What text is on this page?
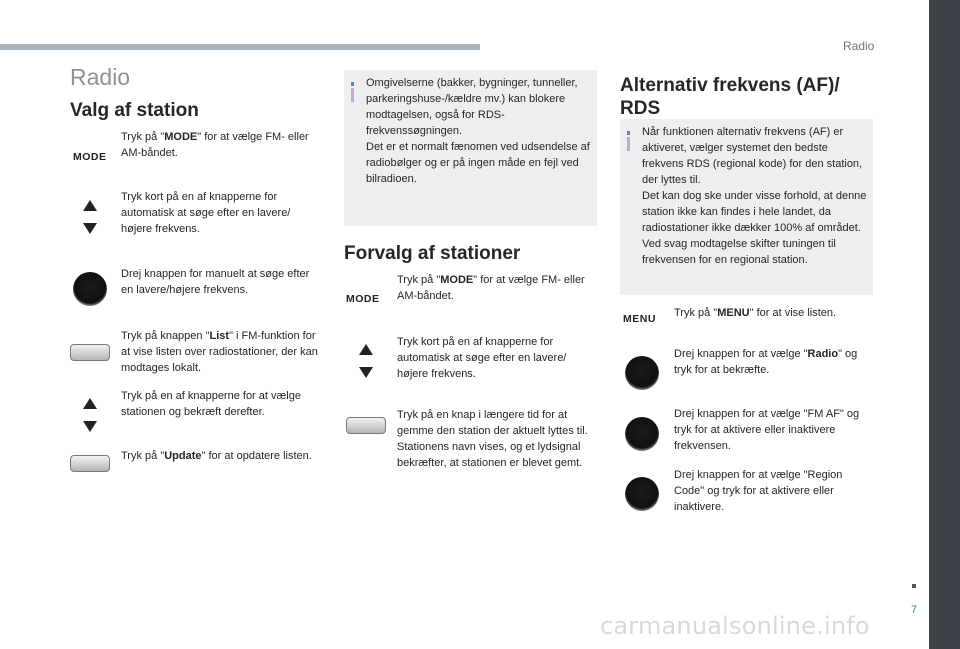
Radio
7
Radio
Valg af station
MODE
Tryk på "MODE" for at vælge FM- eller AM-båndet.
Tryk kort på en af knapperne for automatisk at søge efter en lavere/ højere frekvens.
Drej knappen for manuelt at søge efter en lavere/højere frekvens.
Tryk på knappen "List" i FM-funktion for at vise listen over radiostationer, der kan modtages lokalt.
Tryk på en af knapperne for at vælge stationen og bekræft derefter.
Tryk på "Update" for at opdatere listen.
Omgivelserne (bakker, bygninger, tunneller, parkeringshuse-/kældre mv.) kan blokere modtagelsen, også for RDS-frekvenssøgningen.
Det er et normalt fænomen ved udsendelse af radiobølger og er på ingen måde en fejl ved bilradioen.
Forvalg af stationer
MODE
Tryk på "MODE" for at vælge FM- eller AM-båndet.
Tryk kort på en af knapperne for automatisk at søge efter en lavere/ højere frekvens.
Tryk på en knap i længere tid for at gemme den station der aktuelt lyttes til. Stationens navn vises, og et lydsignal bekræfter, at stationen er blevet gemt.
Alternativ frekvens (AF)/
RDS
Når funktionen alternativ frekvens (AF) er aktiveret, vælger systemet den bedste frekvens RDS (regional kode) for den station, der lyttes til.
Det kan dog ske under visse forhold, at denne station ikke kan findes i hele landet, da radiostationer ikke dækker 100% af området. Ved svag modtagelse skifter tuningen til frekvensen for en regional station.
MENU Tryk på "MENU" for at vise listen.
Drej knappen for at vælge "Radio" og tryk for at bekræfte.
Drej knappen for at vælge "FM AF" og tryk for at aktivere eller inaktivere frekvensen.
Drej knappen for at vælge "Region Code" og tryk for at aktivere eller inaktivere.
carmanualsonline.info
